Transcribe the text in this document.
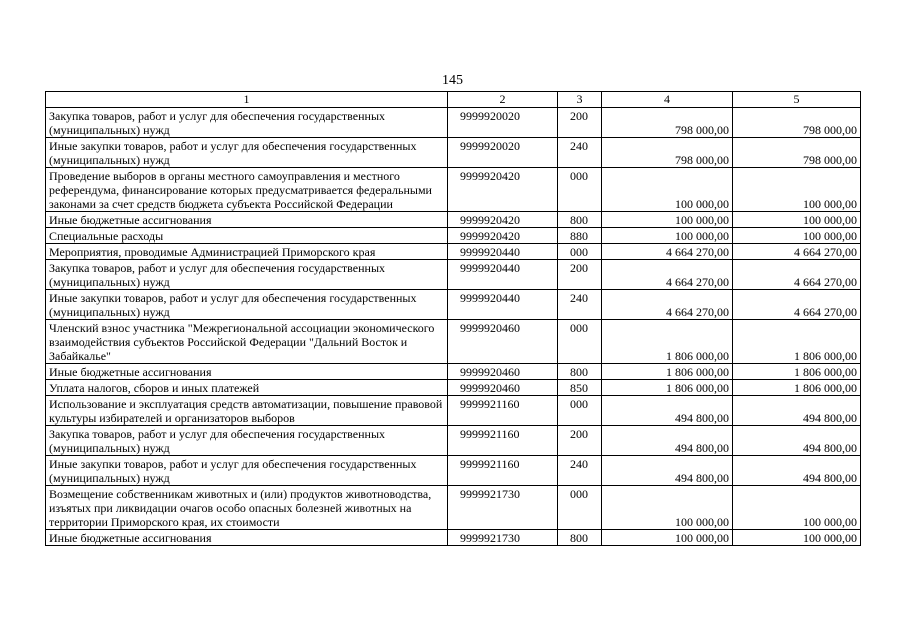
145
1	2	3	4	5
Закупка товаров, работ и услуг для обеспечения государственных (муниципальных) нужд	9999920020	200	798 000,00	798 000,00
Иные закупки товаров, работ и услуг для обеспечения государственных (муниципальных) нужд	9999920020	240	798 000,00	798 000,00
Проведение выборов в органы местного самоуправления и местного референдума, финансирование которых предусматривается федеральными законами за счет средств бюджета субъекта Российской Федерации	9999920420	000	100 000,00	100 000,00
Иные бюджетные ассигнования	9999920420	800	100 000,00	100 000,00
Специальные расходы	9999920420	880	100 000,00	100 000,00
Мероприятия, проводимые Администрацией Приморского края	9999920440	000	4 664 270,00	4 664 270,00
Закупка товаров, работ и услуг для обеспечения государственных (муниципальных) нужд	9999920440	200	4 664 270,00	4 664 270,00
Иные закупки товаров, работ и услуг для обеспечения государственных (муниципальных) нужд	9999920440	240	4 664 270,00	4 664 270,00
Членский взнос участника "Межрегиональной ассоциации экономического взаимодействия субъектов Российской Федерации "Дальний Восток и Забайкалье"	9999920460	000	1 806 000,00	1 806 000,00
Иные бюджетные ассигнования	9999920460	800	1 806 000,00	1 806 000,00
Уплата налогов, сборов и иных платежей	9999920460	850	1 806 000,00	1 806 000,00
Использование и эксплуатация средств автоматизации, повышение правовой культуры избирателей и организаторов выборов	9999921160	000	494 800,00	494 800,00
Закупка товаров, работ и услуг для обеспечения государственных (муниципальных) нужд	9999921160	200	494 800,00	494 800,00
Иные закупки товаров, работ и услуг для обеспечения государственных (муниципальных) нужд	9999921160	240	494 800,00	494 800,00
Возмещение собственникам животных и (или) продуктов животноводства, изъятых при ликвидации очагов особо опасных болезней животных на территории Приморского края, их стоимости	9999921730	000	100 000,00	100 000,00
Иные бюджетные ассигнования	9999921730	800	100 000,00	100 000,00
